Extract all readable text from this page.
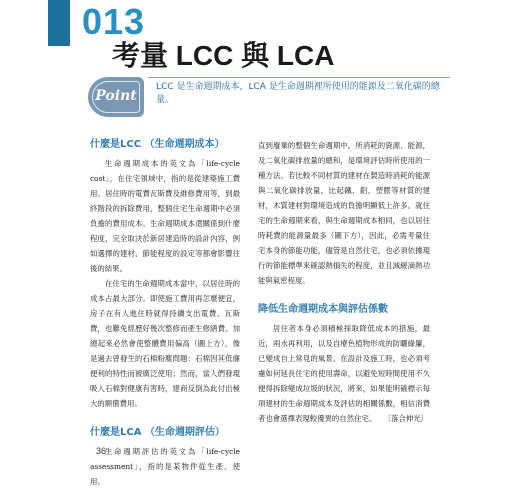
013
考量 LCC 與 LCA
Point

LCC 是生命週期成本，LCA 是生命週期裡所使用的能源及二氧化碳的總量。

什麼是LCC （生命週期成本）

生命週期成本的英文為「life-cycle cost」，在住宅領域中，指的是從建築施工費用、居住時的電費瓦斯費及維修費用等，到最終階段的拆除費用，整個住宅生命週期中必須負擔的費用成本。生命週期成本還關係到什麼程度，完全取決於新居建造時的設計內容，例如選擇的建材、節能程度的設定等都會影響往後的結果。

在住宅的生命週期成本當中，以居住時的成本占最大部分。即使施工費用再怎麼便宜，房子在有人進住時就得持續支出電費、瓦斯費，也難免經歷好幾次整修而產生修繕費。加總起來必然會使整體費用偏高（圖上方），像是過去曾發生的石棉粉塵問題：石棉因其低廉便利的特性而被廣泛使用；然而，當人們發現吸入石棉對健康有害時，建商反倒為此付出極大的額償費用。

什麼是LCA （生命週期評估）

生命週期評估的英文為「life-cycle assessment」，指的是某物件從生產、使用、

直到廢棄的整個生命週期中，所消耗的資源、能源，及二氧化碳排放量的總和，是環境評估時所使用的一種方法。若比較不同材質的建材在製造時消耗的能源與二氧化碳排放量，比起鐵、鋁、塑膠等材質的建材，木質建材對環境造成的負擔明顯低上許多。就住宅的生命週期來看，與生命週期成本相同，也以居住時耗費的能源量最多（圖下方），因此，必需考量住宅本身的節能功能，儘管是自然住宅，也必須依據現行的節能標準來確認熱損失的程度，並且減緩滴熱功能與氣密程度。

降低生命週期成本與評估係數

居住者本身必須積極採取降低成本的措施，最近，兩水再利用，以及自療色植物形成的防曬綠簾，已變成自上常見的風景。在設計及施工時，也必須考慮如何延長住宅的使用壽命，以避免短時間使用不久便得拆除變成垃圾的狀況，將來，如果能明確標示每項建材的生命週期成本及評估的相關係數，相信消費者也會選擇表現較優異的自然住宅。　　 〔落合伸光〕

36
